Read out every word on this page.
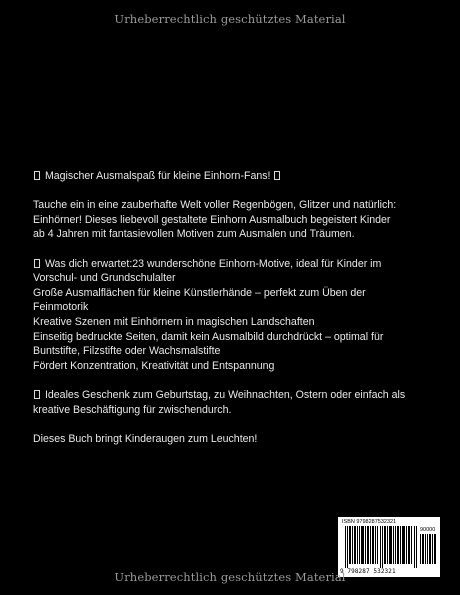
Urheberrechtlich geschütztes Material

Magischer Ausmalspaß für kleine Einhorn-Fans!

Tauche ein in eine zauberhafte Welt voller Regenbögen, Glitzer und natürlich:
Einhörner! Dieses liebevoll gestaltete Einhorn Ausmalbuch begeistert Kinder
ab 4 Jahren mit fantasievollen Motiven zum Ausmalen und Träumen.

Was dich erwartet:23 wunderschöne Einhorn-Motive, ideal für Kinder im
Vorschul- und Grundschulalter
Große Ausmalflächen für kleine Künstlerhände – perfekt zum Üben der
Feinmotorik
Kreative Szenen mit Einhörnern in magischen Landschaften
Einseitig bedruckte Seiten, damit kein Ausmalbild durchdrückt – optimal für
Buntstifte, Filzstifte oder Wachsmalstifte
Fördert Konzentration, Kreativität und Entspannung

Ideales Geschenk zum Geburtstag, zu Weihnachten, Ostern oder einfach als
kreative Beschäftigung für zwischendurch.

Dieses Buch bringt Kinderaugen zum Leuchten!

ISBN 9798287532321
90000
9 798287 532321
Urheberrechtlich geschütztes Material
